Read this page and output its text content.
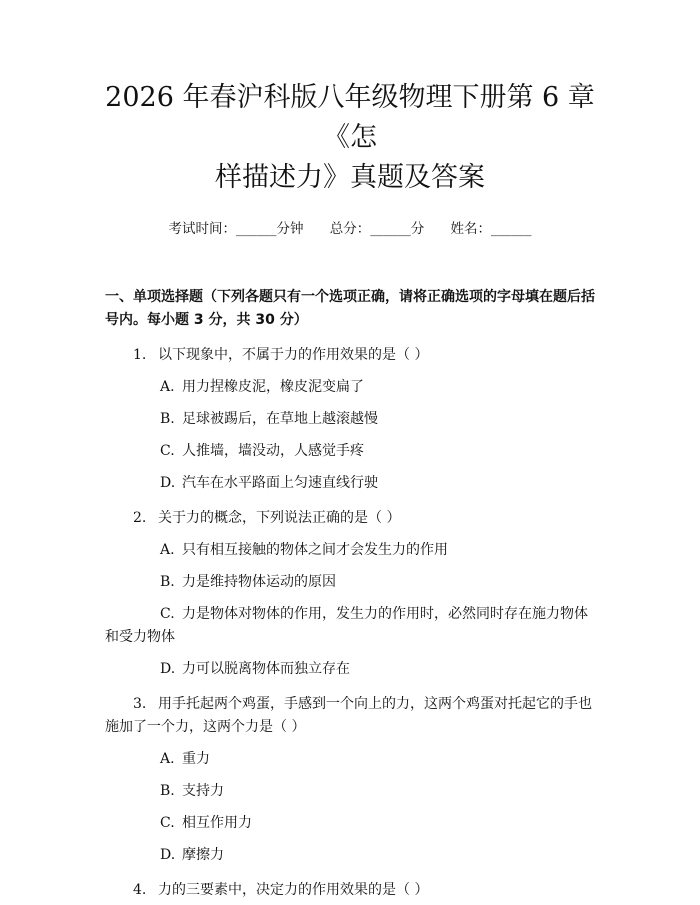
2026 年春沪科版八年级物理下册第 6 章《怎
样描述力》真题及答案
考试时间：______分钟 总分：______分 姓名：______
一、单项选择题（下列各题只有一个选项正确，请将正确选项的字母填在题后括号内。每小题 3 分，共 30 分）
1. 以下现象中，不属于力的作用效果的是（ ）
A. 用力捏橡皮泥，橡皮泥变扁了
B. 足球被踢后，在草地上越滚越慢
C. 人推墙，墙没动，人感觉手疼
D. 汽车在水平路面上匀速直线行驶
2. 关于力的概念，下列说法正确的是（ ）
A. 只有相互接触的物体之间才会发生力的作用
B. 力是维持物体运动的原因
C. 力是物体对物体的作用，发生力的作用时，必然同时存在施力物体和受力物体
D. 力可以脱离物体而独立存在
3. 用手托起两个鸡蛋，手感到一个向上的力，这两个鸡蛋对托起它的手也施加了一个力，这两个力是（ ）
A. 重力
B. 支持力
C. 相互作用力
D. 摩擦力
4. 力的三要素中，决定力的作用效果的是（ ）
